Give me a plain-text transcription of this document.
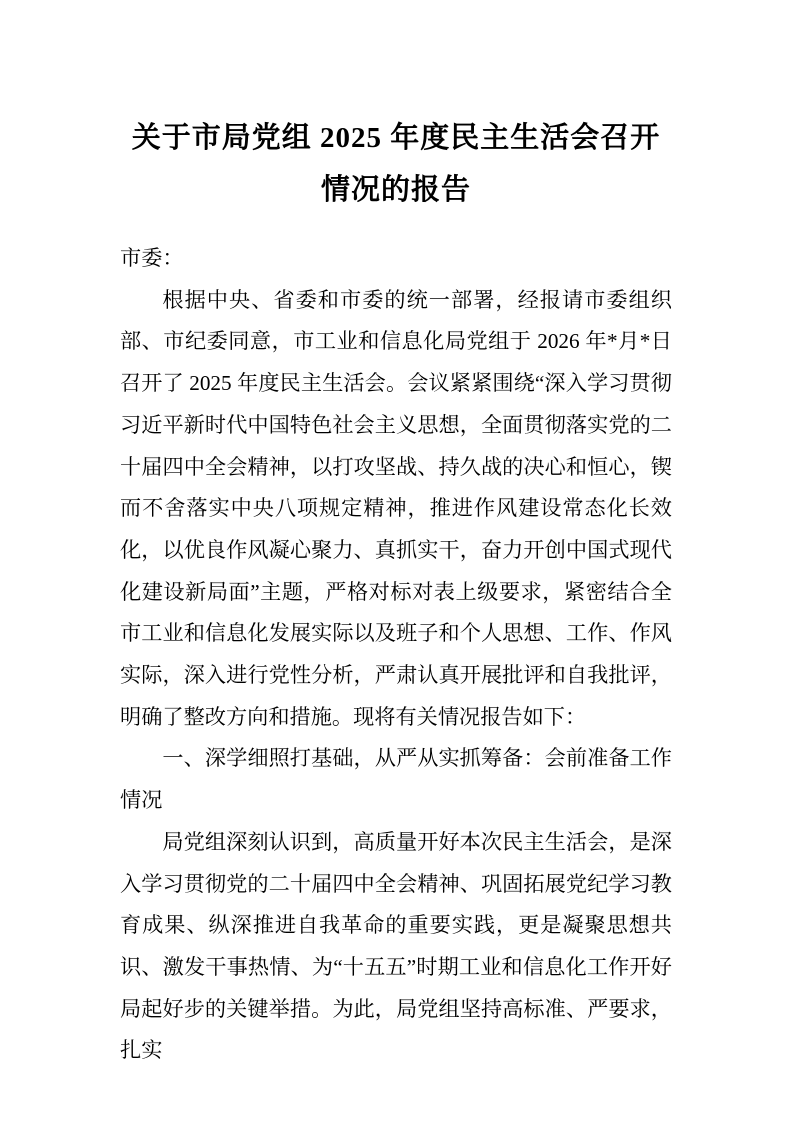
关于市局党组 2025 年度民主生活会召开情况的报告

市委：

根据中央、省委和市委的统一部署，经报请市委组织部、市纪委同意，市工业和信息化局党组于 2026 年*月*日召开了 2025 年度民主生活会。会议紧紧围绕“深入学习贯彻习近平新时代中国特色社会主义思想，全面贯彻落实党的二十届四中全会精神，以打攻坚战、持久战的决心和恒心，锲而不舍落实中央八项规定精神，推进作风建设常态化长效化，以优良作风凝心聚力、真抓实干，奋力开创中国式现代化建设新局面”主题，严格对标对表上级要求，紧密结合全市工业和信息化发展实际以及班子和个人思想、工作、作风实际，深入进行党性分析，严肃认真开展批评和自我批评，明确了整改方向和措施。现将有关情况报告如下：

一、深学细照打基础，从严从实抓筹备：会前准备工作情况

局党组深刻认识到，高质量开好本次民主生活会，是深入学习贯彻党的二十届四中全会精神、巩固拓展党纪学习教育成果、纵深推进自我革命的重要实践，更是凝聚思想共识、激发干事热情、为“十五五”时期工业和信息化工作开好局起好步的关键举措。为此，局党组坚持高标准、严要求，扎实
